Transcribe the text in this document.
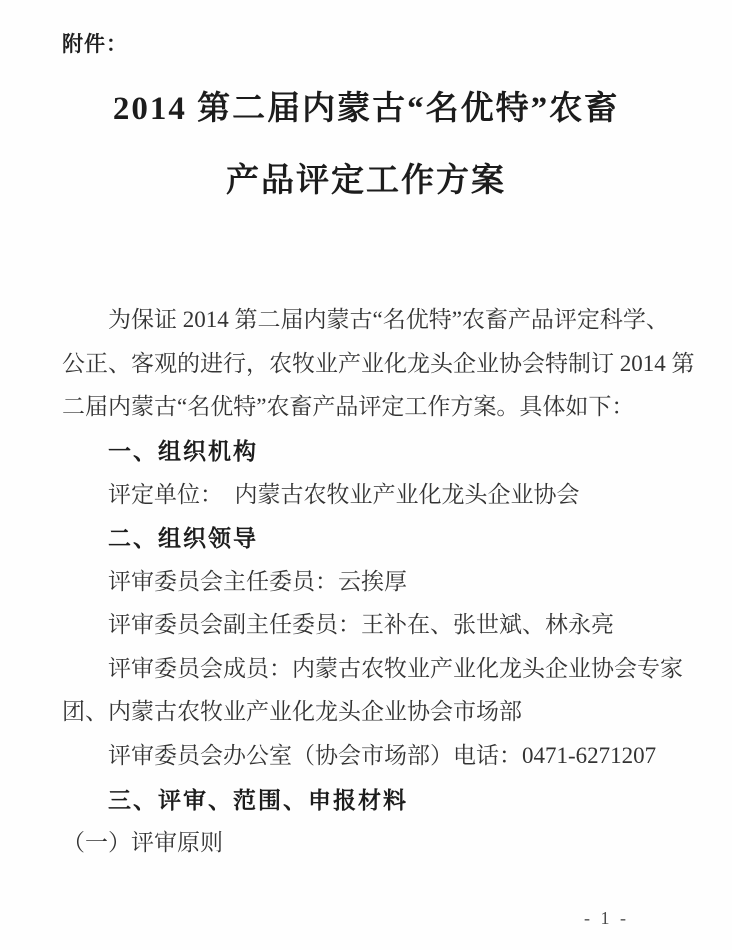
附件：
2014 第二届内蒙古“名优特”农畜
产品评定工作方案
为保证 2014 第二届内蒙古“名优特”农畜产品评定科学、
公正、客观的进行，农牧业产业化龙头企业协会特制订 2014 第
二届内蒙古“名优特”农畜产品评定工作方案。具体如下：
一、组织机构
评定单位：  内蒙古农牧业产业化龙头企业协会
二、组织领导
评审委员会主任委员：云挨厚
评审委员会副主任委员：王补在、张世斌、林永亮
评审委员会成员：内蒙古农牧业产业化龙头企业协会专家
团、内蒙古农牧业产业化龙头企业协会市场部
评审委员会办公室（协会市场部）电话：0471-6271207
三、评审、范围、申报材料
（一）评审原则
- 1 -
